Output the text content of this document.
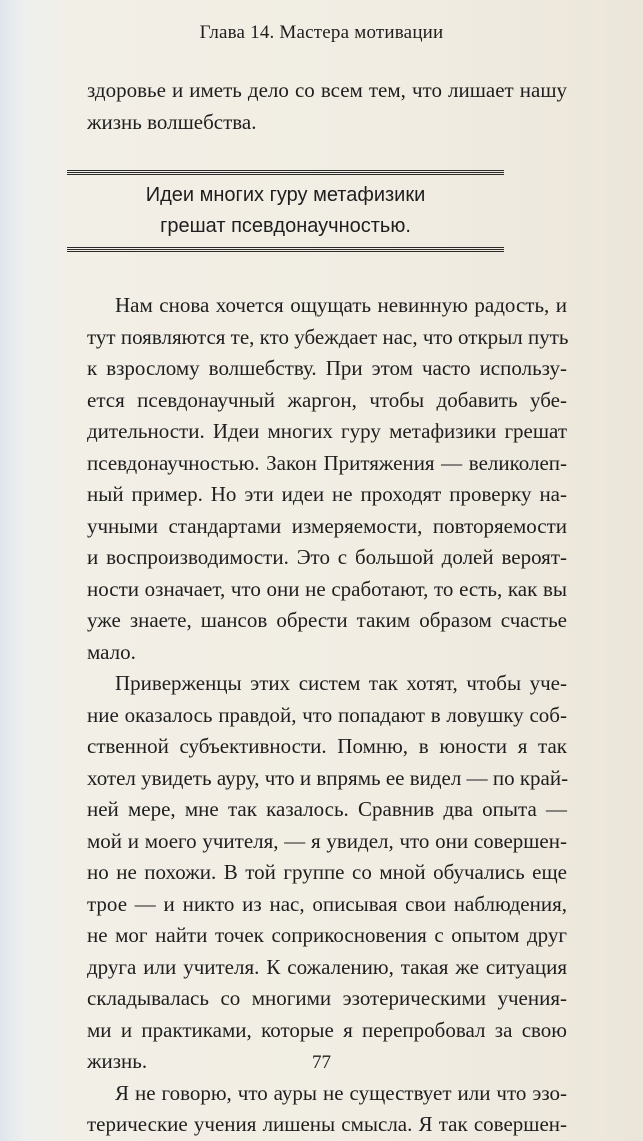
Глава 14. Мастера мотивации
здоровье и иметь дело со всем тем, что лишает нашу
жизнь волшебства.
Идеи многих гуру метафизики
грешат псевдонаучностью.
Нам снова хочется ощущать невинную радость, и
тут появляются те, кто убеждает нас, что открыл путь
к взрослому волшебству. При этом часто использу-
ется псевдонаучный жаргон, чтобы добавить убе-
дительности. Идеи многих гуру метафизики грешат
псевдонаучностью. Закон Притяжения — великолеп-
ный пример. Но эти идеи не проходят проверку на-
учными стандартами измеряемости, повторяемости
и воспроизводимости. Это с большой долей вероят-
ности означает, что они не сработают, то есть, как вы
уже знаете, шансов обрести таким образом счастье
мало.
Приверженцы этих систем так хотят, чтобы уче-
ние оказалось правдой, что попадают в ловушку соб-
ственной субъективности. Помню, в юности я так
хотел увидеть ауру, что и впрямь ее видел — по край-
ней мере, мне так казалось. Сравнив два опыта —
мой и моего учителя, — я увидел, что они совершен-
но не похожи. В той группе со мной обучались еще
трое — и никто из нас, описывая свои наблюдения,
не мог найти точек соприкосновения с опытом друг
друга или учителя. К сожалению, такая же ситуация
складывалась со многими эзотерическими учения-
ми и практиками, которые я перепробовал за свою
жизнь.
Я не говорю, что ауры не существует или что эзо-
терические учения лишены смысла. Я так совершен-
77
